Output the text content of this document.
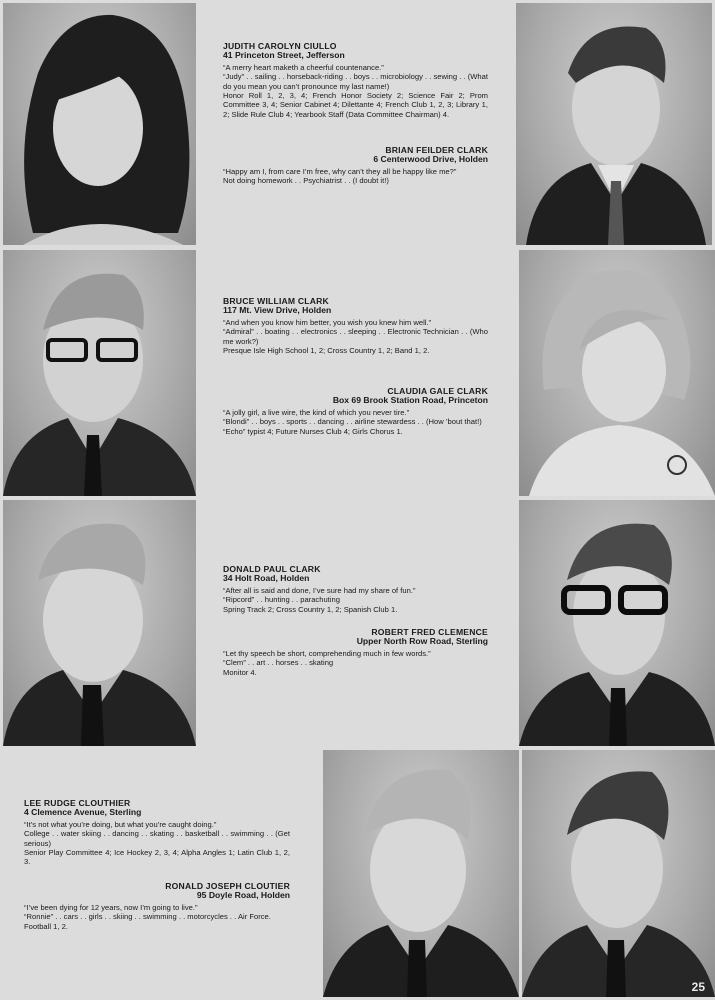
JUDITH CAROLYN CIULLO
41 Princeton Street, Jefferson
“A merry heart maketh a cheerful countenance.”
“Judy” . . sailing . . horseback-riding . . boys . . microbiology . . sewing . . (What do you mean you can’t pronounce my last name!)
Honor Roll 1, 2, 3, 4; French Honor Society 2; Science Fair 2; Prom Committee 3, 4; Senior Cabinet 4; Dilettante 4; French Club 1, 2, 3; Library 1, 2; Slide Rule Club 4; Yearbook Staff (Data Committee Chairman) 4.
BRIAN FEILDER CLARK
6 Centerwood Drive, Holden
“Happy am I, from care I’m free, why can’t they all be happy like me?”
Not doing homework . . Psychiatrist . . (I doubt it!)
BRUCE WILLIAM CLARK
117 Mt. View Drive, Holden
“And when you know him better, you wish you knew him well.”
“Admiral” . . boating . . electronics . . sleeping . . Electronic Technician . . (Who me work?)
Presque Isle High School 1, 2; Cross Country 1, 2; Band 1, 2.
CLAUDIA GALE CLARK
Box 69 Brook Station Road, Princeton
“A jolly girl, a live wire, the kind of which you never tire.”
“Blondi” . . boys . . sports . . dancing . . airline stewardess . . (How ’bout that!)
“Echo” typist 4; Future Nurses Club 4; Girls Chorus 1.
DONALD PAUL CLARK
34 Holt Road, Holden
“After all is said and done, I’ve sure had my share of fun.”
“Ripcord” . . hunting . . parachuting
Spring Track 2; Cross Country 1, 2; Spanish Club 1.
ROBERT FRED CLEMENCE
Upper North Row Road, Sterling
“Let thy speech be short, comprehending much in few words.”
“Clem” . . art . . horses . . skating
Monitor 4.
LEE RUDGE CLOUTHIER
4 Clemence Avenue, Sterling
“It’s not what you’re doing, but what you’re caught doing.”
College . . water skiing . . dancing . . skating . . basketball . . swimming . . (Get serious)
Senior Play Committee 4; Ice Hockey 2, 3, 4; Alpha Angles 1; Latin Club 1, 2, 3.
RONALD JOSEPH CLOUTIER
95 Doyle Road, Holden
“I’ve been dying for 12 years, now I’m going to live.”
“Ronnie” . . cars . . girls . . skiing . . swimming . . motorcycles . . Air Force.
Football 1, 2.
25
